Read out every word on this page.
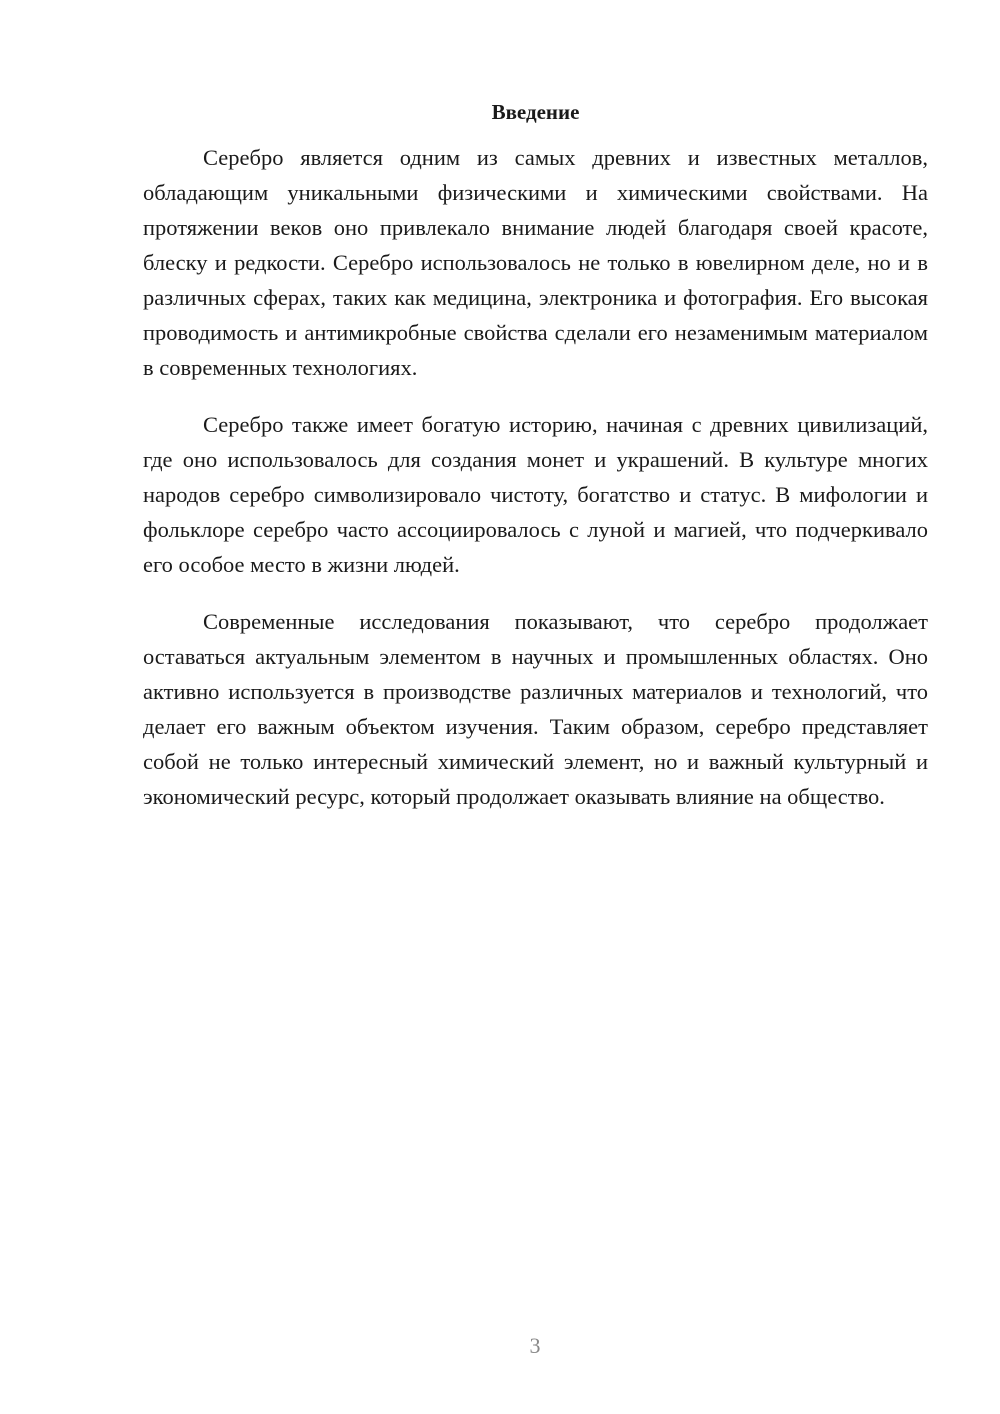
Введение

Серебро является одним из самых древних и известных металлов, обладающим уникальными физическими и химическими свойствами. На протяжении веков оно привлекало внимание людей благодаря своей красоте, блеску и редкости. Серебро использовалось не только в ювелирном деле, но и в различных сферах, таких как медицина, электроника и фотография. Его высокая проводимость и антимикробные свойства сделали его незаменимым материалом в современных технологиях.

Серебро также имеет богатую историю, начиная с древних цивилизаций, где оно использовалось для создания монет и украшений. В культуре многих народов серебро символизировало чистоту, богатство и статус. В мифологии и фольклоре серебро часто ассоциировалось с луной и магией, что подчеркивало его особое место в жизни людей.

Современные исследования показывают, что серебро продолжает оставаться актуальным элементом в научных и промышленных областях. Оно активно используется в производстве различных материалов и технологий, что делает его важным объектом изучения. Таким образом, серебро представляет собой не только интересный химический элемент, но и важный культурный и экономический ресурс, который продолжает оказывать влияние на общество.

3
